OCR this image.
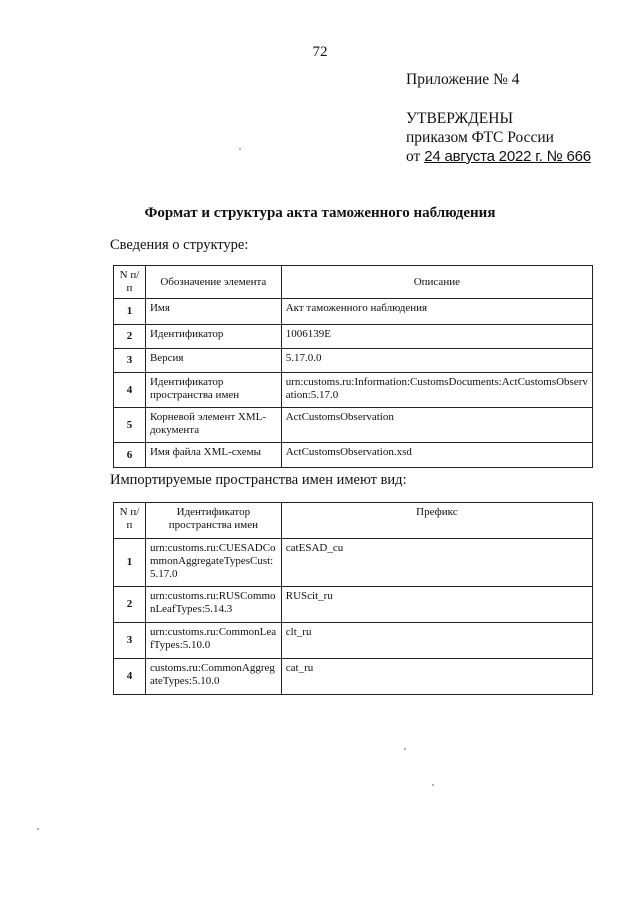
72
Приложение № 4
УТВЕРЖДЕНЫ
приказом ФТС России
от 24 августа 2022 г. № 666
Формат и структура акта таможенного наблюдения
Сведения о структуре:
N п/п	Обозначение элемента	Описание
1	Имя	Акт таможенного наблюдения
2	Идентификатор	1006139E
3	Версия	5.17.0.0
4	Идентификатор пространства имен	urn:customs.ru:Information:CustomsDocuments:ActCustomsObservation:5.17.0
5	Корневой элемент XML-документа	ActCustomsObservation
6	Имя файла XML-схемы	ActCustomsObservation.xsd
Импортируемые пространства имен имеют вид:
N п/п	Идентификатор пространства имен	Префикс
1	urn:customs.ru:CUESADCommonAggregateTypesCust:5.17.0	catESAD_cu
2	urn:customs.ru:RUSCommonLeafTypes:5.14.3	RUScit_ru
3	urn:customs.ru:CommonLeafTypes:5.10.0	clt_ru
4	customs.ru:CommonAggregateTypes:5.10.0	cat_ru
